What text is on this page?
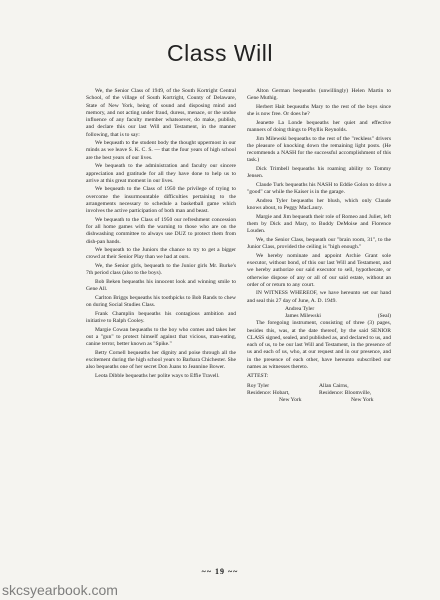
Class Will

We, the Senior Class of 1949, of the South Kortright Central School, of the village of South Kortright, County of Delaware, State of New York, being of sound and disposing mind and memory, and not acting under fraud, duress, menace, or the undue influence of any faculty member whatsoever, do make, publish, and declare this our last Will and Testament, in the manner following, that is to say:

We bequeath to the student body the thought uppermost in our minds as we leave S. K. C. S. — that the four years of high school are the best years of our lives.

We bequeath to the administration and faculty our sincere appreciation and gratitude for all they have done to help us to arrive at this great moment in our lives.

We bequeath to the Class of 1950 the privilege of trying to overcome the insurmountable difficulties pertaining to the arrangements necessary to schedule a basketball game which involves the active participation of both man and beast.

We bequeath to the Class of 1950 our refreshment concession for all home games with the warning to those who are on the dishwashing committee to always use DUZ to protect them from dish-pan hands.

We bequeath to the Juniors the chance to try to get a bigger crowd at their Senior Play than we had at ours.

We, the Senior girls, bequeath to the Junior girls Mr. Burke's 7th period class (also to the boys).

Bob Beken bequeaths his innocent look and winning smile to Gene All.

Carlton Briggs bequeaths his toothpicks to Bob Rands to chew on during Social Studies Class.

Frank Champlin bequeaths his contagious ambition and initiative to Ralph Cooley.

Margie Cowan bequeaths to the boy who comes and takes her out a "gun" to protect himself against that vicious, man-eating, canine terror, better known as "Spike."

Betty Cornell bequeaths her dignity and poise through all the excitement during the high school years to Barbara Chichester. She also bequeaths one of her secret Don Juans to Jeannine Bower.

Leota Dibble bequeaths her polite ways to Effie Travell.

Alton German bequeaths (unwillingly) Helen Martin to Gene Muthig.

Herbert Hait bequeaths Mary to the rest of the boys since she is now free. Or does he?

Jeanette La Londe bequeaths her quiet and effective manners of doing things to Phyllis Reynolds.

Jim Milewski bequeaths to the rest of the "reckless" drivers the pleasure of knocking down the remaining light posts. (He recommends a NASH for the successful accomplishment of this task.)

Dick Trimbell bequeaths his roaming ability to Tommy Jensen.

Claude Turk bequeaths his NASH to Eddie Golon to drive a "good" car while the Kaiser is in the garage.

Andrea Tyler bequeaths her blush, which only Claude knows about, to Peggy MacLaury.

Margie and Jim bequeath their role of Romeo and Juliet, left them by Dick and Mary, to Buddy DeMoise and Florence Louden.

We, the Senior Class, bequeath our "brain room, 31", to the Junior Class, provided the ceiling is "high enough."

We hereby nominate and appoint Archie Grant sole executor, without bond, of this our last Will and Testament, and we hereby authorize our said executor to sell, hypothecate, or otherwise dispose of any or all of our said estate, without an order of or return to any court.

IN WITNESS WHEREOF, we have hereunto set our hand and seal this 27 day of June, A. D. 1949.

Andrea Tyler
James Milewski	(Seal)

The foregoing instrument, consisting of three (3) pages, besides this, was, at the date thereof, by the said SENIOR CLASS signed, sealed, and published as, and declared to us, and each of us, to be our last Will and Testament, in the presence of us and each of us, who, at our request and in our presence, and in the presence of each other, have hereunto subscribed our names as witnesses thereto.

ATTEST:

Roy Tyler	Allan Cairns,
Residence: Hobart,	Residence: Bloomville,
New York	New York
~~ 19 ~~
skcsyearbook.com
